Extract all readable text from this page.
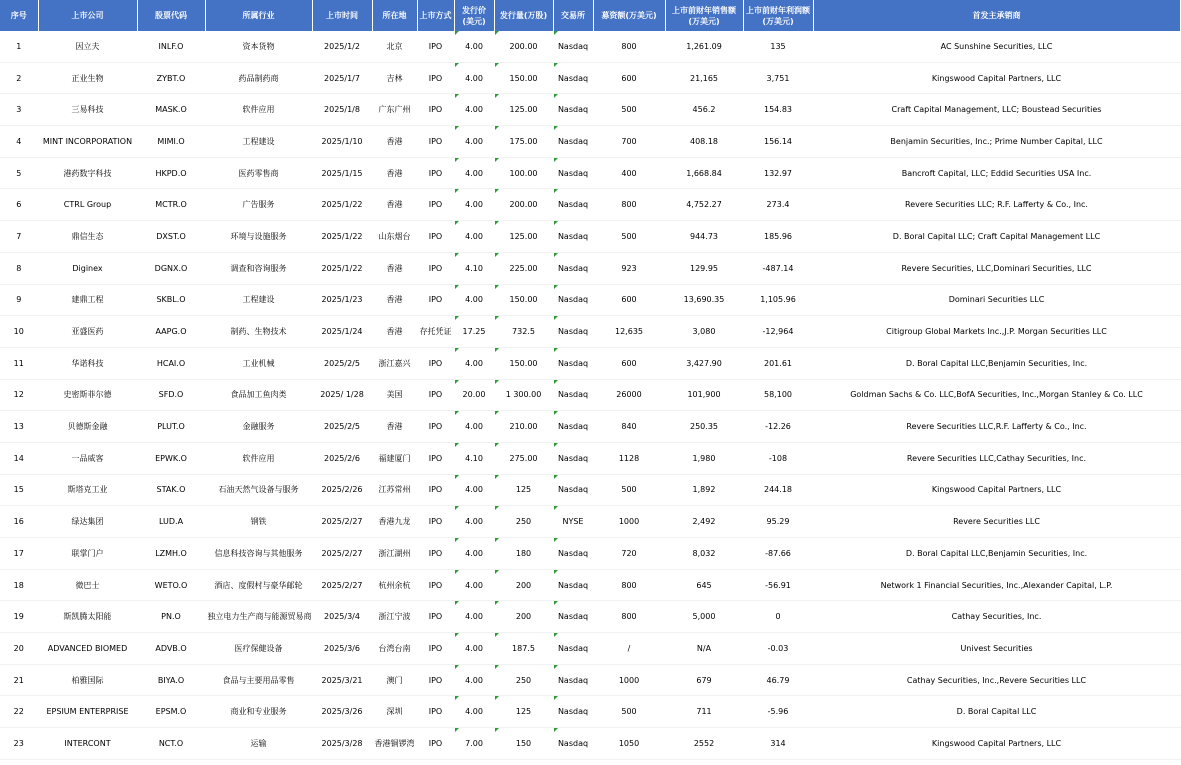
序号	上市公司	股票代码	所属行业	上市时间	所在地	上市方式	发行价(美元)	发行量(万股)	交易所	募资额(万美元)	上市前财年销售额(万美元)	上市前财年利润额(万美元)	首发主承销商
1	因立夫	INLF.O	资本货物	2025/1/2	北京	IPO	4.00	200.00	Nasdaq	800	1,261.09	135	AC Sunshine Securities, LLC
2	正业生物	ZYBT.O	药品制药商	2025/1/7	吉林	IPO	4.00	150.00	Nasdaq	600	21,165	3,751	Kingswood Capital Partners, LLC
3	三易科技	MASK.O	软件应用	2025/1/8	广东广州	IPO	4.00	125.00	Nasdaq	500	456.2	154.83	Craft Capital Management, LLC; Boustead Securities
4	MINT INCORPORATION	MIMI.O	工程建设	2025/1/10	香港	IPO	4.00	175.00	Nasdaq	700	408.18	156.14	Benjamin Securities, Inc.; Prime Number Capital, LLC
5	港药数字科技	HKPD.O	医药零售商	2025/1/15	香港	IPO	4.00	100.00	Nasdaq	400	1,668.84	132.97	Bancroft Capital, LLC; Eddid Securities USA Inc.
6	CTRL Group	MCTR.O	广告服务	2025/1/22	香港	IPO	4.00	200.00	Nasdaq	800	4,752.27	273.4	Revere Securities LLC; R.F. Lafferty & Co., Inc.
7	鼎信生态	DXST.O	环境与设施服务	2025/1/22	山东烟台	IPO	4.00	125.00	Nasdaq	500	944.73	185.96	D. Boral Capital LLC; Craft Capital Management LLC
8	Diginex	DGNX.O	调查和咨询服务	2025/1/22	香港	IPO	4.10	225.00	Nasdaq	923	129.95	-487.14	Revere Securities, LLC,Dominari Securities, LLC
9	建鼎工程	SKBL.O	工程建设	2025/1/23	香港	IPO	4.00	150.00	Nasdaq	600	13,690.35	1,105.96	Dominari Securities LLC
10	亚盛医药	AAPG.O	制药、生物技术	2025/1/24	香港	存托凭证	17.25	732.5	Nasdaq	12,635	3,080	-12,964	Citigroup Global Markets Inc.,J.P. Morgan Securities LLC
11	华诺科技	HCAI.O	工业机械	2025/2/5	浙江嘉兴	IPO	4.00	150.00	Nasdaq	600	3,427.90	201.61	D. Boral Capital LLC,Benjamin Securities, Inc.
12	史密斯菲尔德	SFD.O	食品加工鱼肉类	2025/ 1/28	美国	IPO	20.00	1 300.00	Nasdaq	26000	101,900	58,100	Goldman Sachs & Co. LLC,BofA Securities, Inc.,Morgan Stanley & Co. LLC
13	贝德斯金融	PLUT.O	金融服务	2025/2/5	香港	IPO	4.00	210.00	Nasdaq	840	250.35	-12.26	Revere Securities LLC,R.F. Lafferty & Co., Inc.
14	一品威客	EPWK.O	软件应用	2025/2/6	福建厦门	IPO	4.10	275.00	Nasdaq	1128	1,980	-108	Revere Securities LLC,Cathay Securities, Inc.
15	斯塔克工业	STAK.O	石油天然气设备与服务	2025/2/26	江苏常州	IPO	4.00	125	Nasdaq	500	1,892	244.18	Kingswood Capital Partners, LLC
16	绿达集团	LUD.A	钢铁	2025/2/27	香港九龙	IPO	4.00	250	NYSE	1000	2,492	95.29	Revere Securities LLC
17	联掌门户	LZMH.O	信息科技咨询与其他服务	2025/2/27	浙江湖州	IPO	4.00	180	Nasdaq	720	8,032	-87.66	D. Boral Capital LLC,Benjamin Securities, Inc.
18	微巴士	WETO.O	酒店、度假村与豪华邮轮	2025/2/27	杭州余杭	IPO	4.00	200	Nasdaq	800	645	-56.91	Network 1 Financial Securities, Inc.,Alexander Capital, L.P.
19	斯凯腾太阳能	PN.O	独立电力生产商与能源贸易商	2025/3/4	浙江宁波	IPO	4.00	200	Nasdaq	800	5,000	0	Cathay Securities, Inc.
20	ADVANCED BIOMED	ADVB.O	医疗保健设备	2025/3/6	台湾台南	IPO	4.00	187.5	Nasdaq	/	N/A	-0.03	Univest Securities
21	柏雅国际	BIYA.O	食品与主要用品零售	2025/3/21	澳门	IPO	4.00	250	Nasdaq	1000	679	46.79	Cathay Securities, Inc.,Revere Securities LLC
22	EPSIUM ENTERPRISE	EPSM.O	商业和专业服务	2025/3/26	深圳	IPO	4.00	125	Nasdaq	500	711	-5.96	D. Boral Capital LLC
23	INTERCONT	NCT.O	运输	2025/3/28	香港铜锣湾	IPO	7.00	150	Nasdaq	1050	2552	314	Kingswood Capital Partners, LLC
